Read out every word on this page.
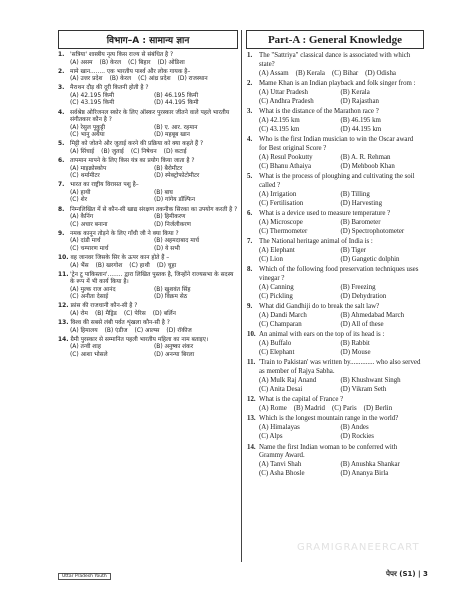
विभाग–A : सामान्य ज्ञान	Part-A : General Knowledge
1. 'सत्रिया' शास्त्रीय नृत्य किस राज्य से संबंधित है ?
(A) असम (B) केरल (C) बिहार (D) ओडिशा
2. मामे खान........ एक भारतीय पार्श्व और लोक गायक है–
(A) उत्तर प्रदेश (B) केरल (C) आंध्र प्रदेश (D) राजस्थान
3. मैराथन दौड़ की दूरी कितनी होती है ?
(A) 42.195 किमी	(B) 46.195 किमी
(C) 43.195 किमी	(D) 44.195 किमी
4. सर्वश्रेष्ठ ओरिजनल स्कोर के लिए ऑस्कर पुरस्कार जीतने वाले पहले भारतीय संगीतकार कौन है ?
(A) रेसुल पूकुट्टी	(B) ए. आर. रहमान
(C) भानु अथैया	(D) महबूब खान
5. मिट्टी को जोतने और जुताई करने की प्रक्रिया को क्या कहते हैं ?
(A) सिंचाई (B) जुताई (C) निषेचन (D) कटाई
6. तापमान मापने के लिए किस यंत्र का प्रयोग किया जाता है ?
(A) माइक्रोस्कोप	(B) बैरोमीटर
(C) थर्मामीटर	(D) स्पेक्ट्रोफोटोमीटर
7. भारत का राष्ट्रीय विरासत पशु है–
(A) हाथी	(B) बाघ
(C) शेर	(D) गांगेय डॉल्फिन
8. निम्नलिखित में से कौन-सी खाद्य संरक्षण तकनीक सिरका का उपयोग करती है ?
(A) कैनिंग	(B) हिमीकरण
(C) अचार बनाना	(D) निर्जलीकरण
9. नमक कानून तोड़ने के लिए गाँधी जी ने क्या किया ?
(A) दांडी मार्च	(B) अहमदाबाद मार्च
(C) चम्पारण मार्च	(D) ये सभी
10. वह जानवर जिसके सिर के ऊपर कान होते हैं –
(A) भैंस (B) खरगोश (C) हाथी (D) चूहा
11. 'ट्रेन टू पाकिस्तान'........ द्वारा लिखित पुस्तक है, जिन्होंने राज्यसभा के सदस्य के रूप में भी कार्य किया है।
(A) मुल्क राज आनंद	(B) खुशवंत सिंह
(C) अनीता देसाई	(D) विक्रम सेठ
12. फ्रांस की राजधानी कौन-सी है ?
(A) रोम (B) मैड्रिड (C) पेरिस (D) बर्लिन
13. विश्व की सबसे लंबी पर्वत शृंखला कौन-सी है ?
(A) हिमालय (B) एंडीज (C) आल्प्स (D) रॉकीज
14. ग्रैमी पुरस्कार से सम्मानित पहली भारतीय महिला का नाम बताइए।
(A) तन्वी शाह	(B) अनुष्का शंकर
(C) आशा भोसले	(D) अनन्या बिरला
1. The "Sattriya" classical dance is associated with which state?
(A) Assam (B) Kerala (C) Bihar (D) Odisha
2. Mame Khan is an Indian playback and folk singer from :
(A) Uttar Pradesh	(B) Kerala
(C) Andhra Pradesh	(D) Rajasthan
3. What is the distance of the Marathon race ?
(A) 42.195 km	(B) 46.195 km
(C) 43.195 km	(D) 44.195 km
4. Who is the first Indian musician to win the Oscar award for Best original Score ?
(A) Resul Pookutty	(B) A. R. Rehman
(C) Bhanu Athaiya	(D) Mehboob Khan
5. What is the process of ploughing and cultivating the soil called ?
(A) Irrigation	(B) Tilling
(C) Fertilisation	(D) Harvesting
6. What is a device used to measure temperature ?
(A) Microscope	(B) Barometer
(C) Thermometer	(D) Spectrophotometer
7. The National heritage animal of India is :
(A) Elephant	(B) Tiger
(C) Lion	(D) Gangetic dolphin
8. Which of the following food preservation techniques uses vinegar ?
(A) Canning	(B) Freezing
(C) Pickling	(D) Dehydration
9. What did Gandhiji do to break the salt law?
(A) Dandi March	(B) Ahmedabad March
(C) Champaran	(D) All of these
10. An animal with ears on the top of its head is :
(A) Buffalo	(B) Rabbit
(C) Elephant	(D) Mouse
11. 'Train to Pakistan' was written by.............. who also served as member of Rajya Sabha.
(A) Mulk Raj Anand	(B) Khushwant Singh
(C) Anita Desai	(D) Vikram Seth
12. What is the capital of France ?
(A) Rome (B) Madrid (C) Paris (D) Berlin
13. Which is the longest mountain range in the world?
(A) Himalayas	(B) Andes
(C) Alps	(D) Rockies
14. Name the first Indian woman to be conferred with Grammy Award.
(A) Tanvi Shah	(B) Anushka Shankar
(C) Asha Bhosle	(D) Ananya Birla
GRAMIGRANEERCART
Uttar Pradesh Youth	पेपर (S1) | 3
